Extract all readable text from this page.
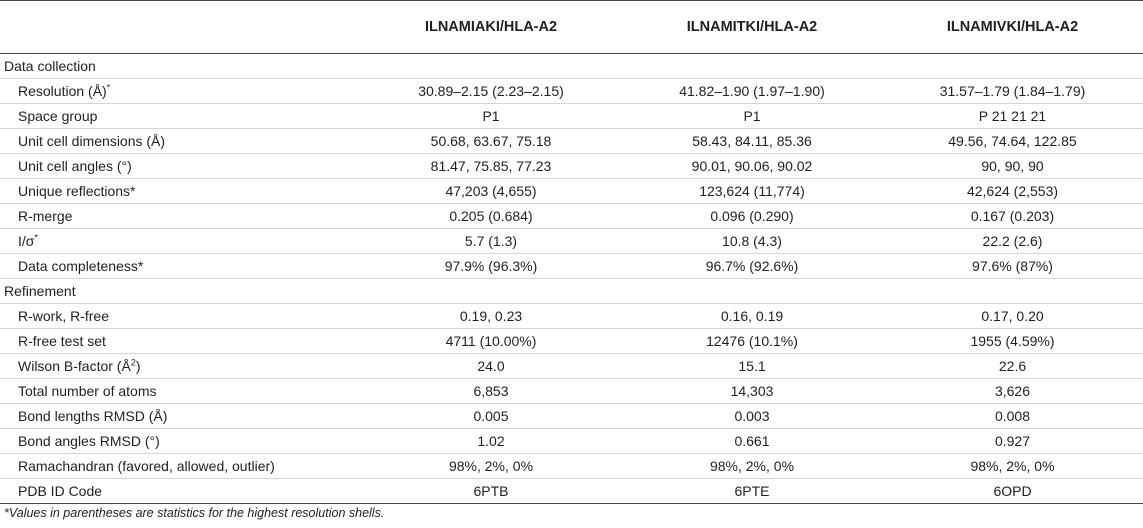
	ILNAMIAKI/HLA-A2	ILNAMITKI/HLA-A2	ILNAMIVKI/HLA-A2
Data collection			
Resolution (Å)*	30.89–2.15 (2.23–2.15)	41.82–1.90 (1.97–1.90)	31.57–1.79 (1.84–1.79)
Space group	P1	P1	P 21 21 21
Unit cell dimensions (Å)	50.68, 63.67, 75.18	58.43, 84.11, 85.36	49.56, 74.64, 122.85
Unit cell angles (°)	81.47, 75.85, 77.23	90.01, 90.06, 90.02	90, 90, 90
Unique reflections*	47,203 (4,655)	123,624 (11,774)	42,624 (2,553)
R-merge	0.205 (0.684)	0.096 (0.290)	0.167 (0.203)
I/σ*	5.7 (1.3)	10.8 (4.3)	22.2 (2.6)
Data completeness*	97.9% (96.3%)	96.7% (92.6%)	97.6% (87%)
Refinement			
R-work, R-free	0.19, 0.23	0.16, 0.19	0.17, 0.20
R-free test set	4711 (10.00%)	12476 (10.1%)	1955 (4.59%)
Wilson B-factor $(Å^2)$	24.0	15.1	22.6
Total number of atoms	6,853	14,303	3,626
Bond lengths RMSD (Å)	0.005	0.003	0.008
Bond angles RMSD (°)	1.02	0.661	0.927
Ramachandran (favored, allowed, outlier)	98%, 2%, 0%	98%, 2%, 0%	98%, 2%, 0%
PDB ID Code	6PTB	6PTE	6OPD
*Values in parentheses are statistics for the highest resolution shells.
